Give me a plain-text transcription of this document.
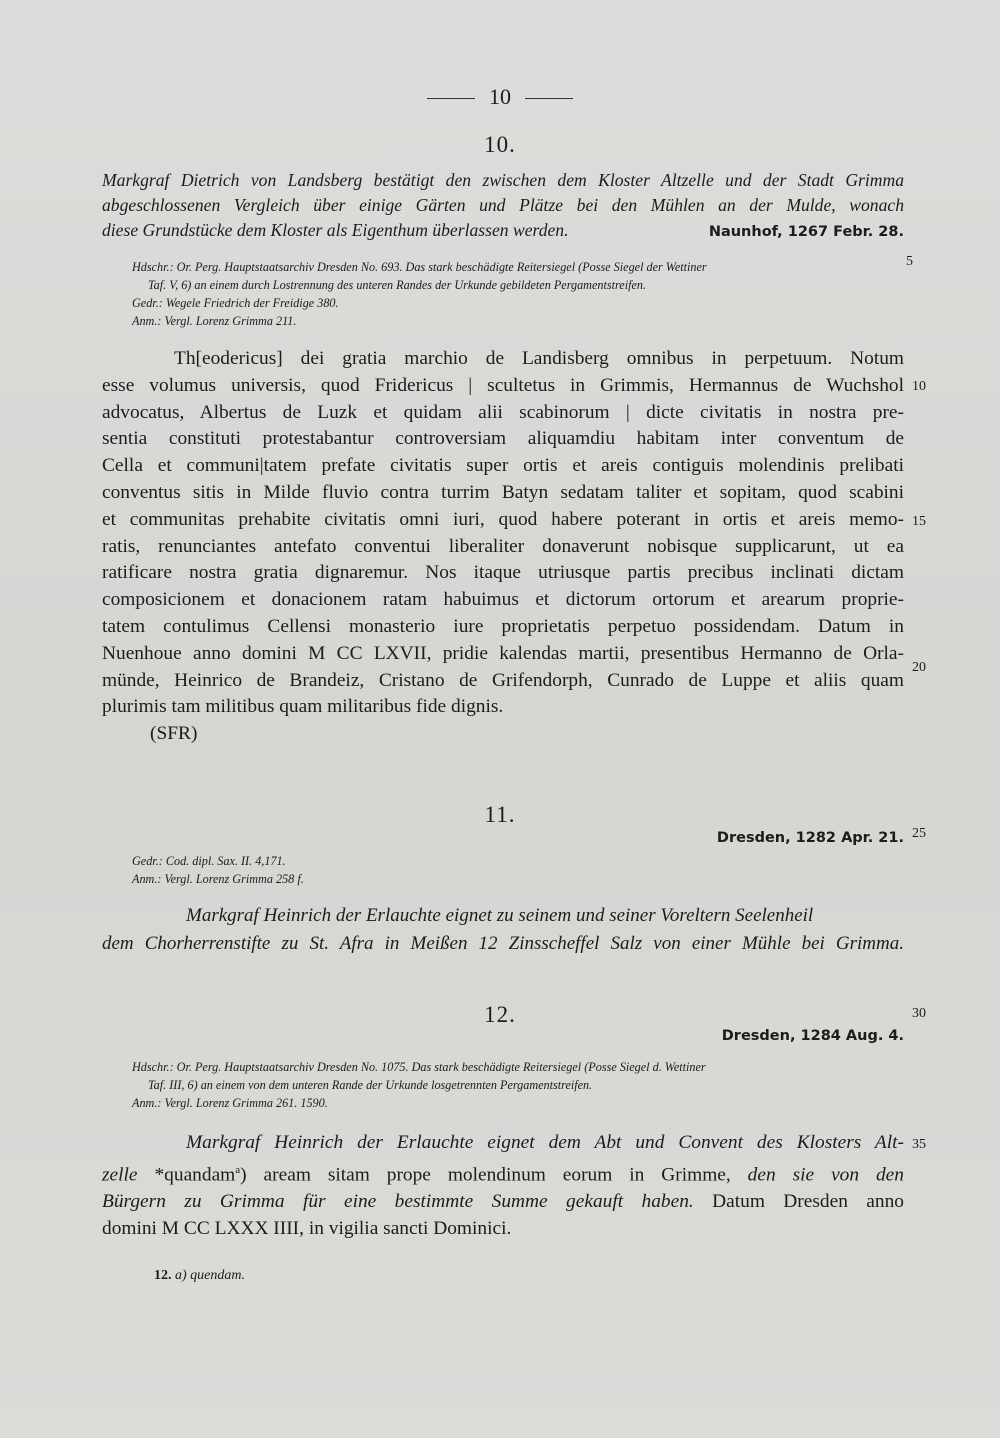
10
10.
Markgraf Dietrich von Landsberg bestätigt den zwischen dem Kloster Altzelle und der Stadt Grimma
abgeschlossenen Vergleich über einige Gärten und Plätze bei den Mühlen an der Mulde, wonach
diese Grundstücke dem Kloster als Eigenthum überlassen werden.	Naunhof, 1267 Febr. 28.
Hdschr.: Or. Perg. Hauptstaatsarchiv Dresden No. 693. Das stark beschädigte Reitersiegel (Posse Siegel der Wettiner
Taf. V, 6) an einem durch Lostrennung des unteren Randes der Urkunde gebildeten Pergamentstreifen.
Gedr.: Wegele Friedrich der Freidige 380.
Anm.: Vergl. Lorenz Grimma 211.
Th[eodericus] dei gratia marchio de Landisberg omnibus in perpetuum. Notum
esse volumus universis, quod Fridericus | scultetus in Grimmis, Hermannus de Wuchshol
advocatus, Albertus de Luzk et quidam alii scabinorum | dicte civitatis in nostra pre-
sentia constituti protestabantur controversiam aliquamdiu habitam inter conventum de
Cella et communi|tatem prefate civitatis super ortis et areis contiguis molendinis prelibati
conventus sitis in Milde fluvio contra turrim Batyn sedatam taliter et sopitam, quod scabini
et communitas prehabite civitatis omni iuri, quod habere poterant in ortis et areis memo-
ratis, renunciantes antefato conventui liberaliter donaverunt nobisque supplicarunt, ut ea
ratificare nostra gratia dignaremur. Nos itaque utriusque partis precibus inclinati dictam
composicionem et donacionem ratam habuimus et dictorum ortorum et arearum proprie-
tatem contulimus Cellensi monasterio iure proprietatis perpetuo possidendam. Datum in
Nuenhoue anno domini M CC LXVII, pridie kalendas martii, presentibus Hermanno de Orla-
münde, Heinrico de Brandeiz, Cristano de Grifendorph, Cunrado de Luppe et aliis quam
plurimis tam militibus quam militaribus fide dignis.
(SFR)
11.
Dresden, 1282 Apr. 21.
Gedr.: Cod. dipl. Sax. II. 4,171.
Anm.: Vergl. Lorenz Grimma 258 f.
Markgraf Heinrich der Erlauchte eignet zu seinem und seiner Voreltern Seelenheil
dem Chorherrenstifte zu St. Afra in Meißen 12 Zinsscheffel Salz von einer Mühle bei Grimma.
12.
Dresden, 1284 Aug. 4.
Hdschr.: Or. Perg. Hauptstaatsarchiv Dresden No. 1075. Das stark beschädigte Reitersiegel (Posse Siegel d. Wettiner
Taf. III, 6) an einem von dem unteren Rande der Urkunde losgetrennten Pergamentstreifen.
Anm.: Vergl. Lorenz Grimma 261. 1590.
Markgraf Heinrich der Erlauchte eignet dem Abt und Convent des Klosters Alt-
zelle *quandam$^a$) aream sitam prope molendinum eorum in Grimme, den sie von den
Bürgern zu Grimma für eine bestimmte Summe gekauft haben. Datum Dresden anno
domini M CC LXXX IIII, in vigilia sancti Dominici.
12. a) quendam.
5
10
15
20
25
30
35
